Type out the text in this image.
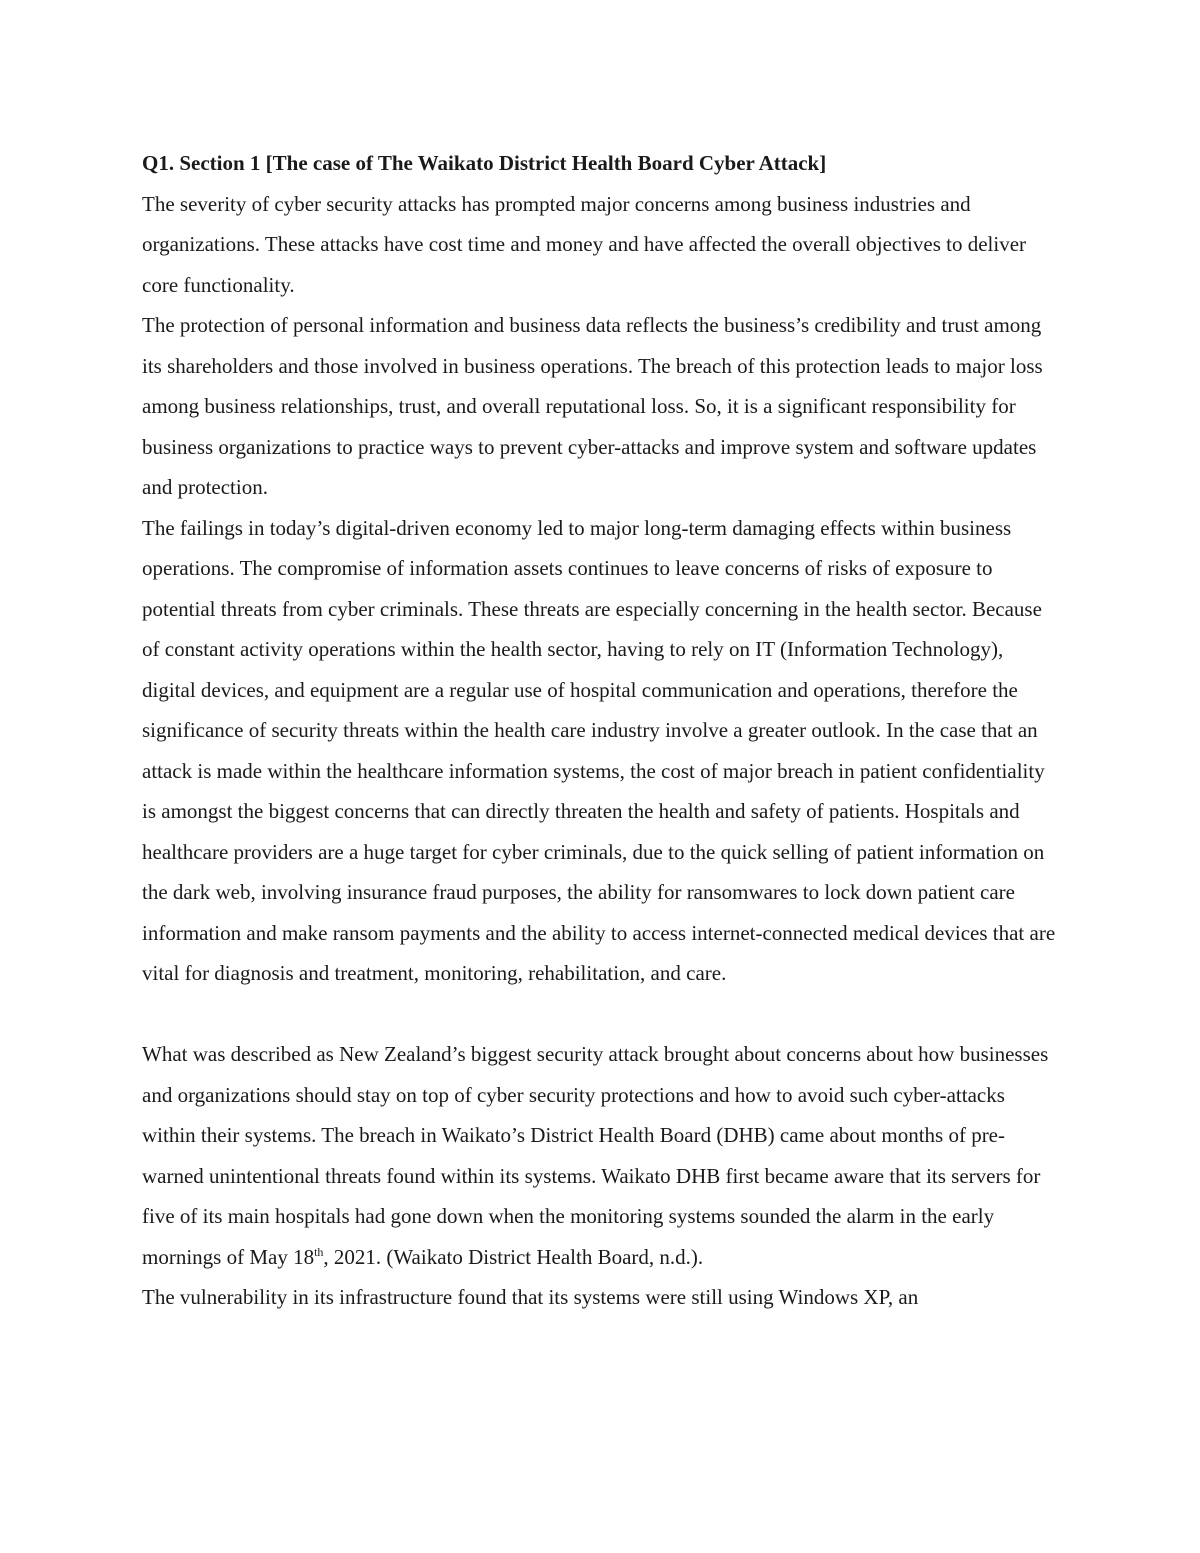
Q1. Section 1 [The case of The Waikato District Health Board Cyber Attack]

The severity of cyber security attacks has prompted major concerns among business industries and organizations. These attacks have cost time and money and have affected the overall objectives to deliver core functionality.

The protection of personal information and business data reflects the business’s credibility and trust among its shareholders and those involved in business operations. The breach of this protection leads to major loss among business relationships, trust, and overall reputational loss. So, it is a significant responsibility for business organizations to practice ways to prevent cyber-attacks and improve system and software updates and protection.

The failings in today’s digital-driven economy led to major long-term damaging effects within business operations. The compromise of information assets continues to leave concerns of risks of exposure to potential threats from cyber criminals. These threats are especially concerning in the health sector. Because of constant activity operations within the health sector, having to rely on IT (Information Technology), digital devices, and equipment are a regular use of hospital communication and operations, therefore the significance of security threats within the health care industry involve a greater outlook. In the case that an attack is made within the healthcare information systems, the cost of major breach in patient confidentiality is amongst the biggest concerns that can directly threaten the health and safety of patients. Hospitals and healthcare providers are a huge target for cyber criminals, due to the quick selling of patient information on the dark web, involving insurance fraud purposes, the ability for ransomwares to lock down patient care information and make ransom payments and the ability to access internet-connected medical devices that are vital for diagnosis and treatment, monitoring, rehabilitation, and care.

What was described as New Zealand’s biggest security attack brought about concerns about how businesses and organizations should stay on top of cyber security protections and how to avoid such cyber-attacks within their systems. The breach in Waikato’s District Health Board (DHB) came about months of pre-warned unintentional threats found within its systems. Waikato DHB first became aware that its servers for five of its main hospitals had gone down when the monitoring systems sounded the alarm in the early mornings of May 18th, 2021. (Waikato District Health Board, n.d.).

The vulnerability in its infrastructure found that its systems were still using Windows XP, an
